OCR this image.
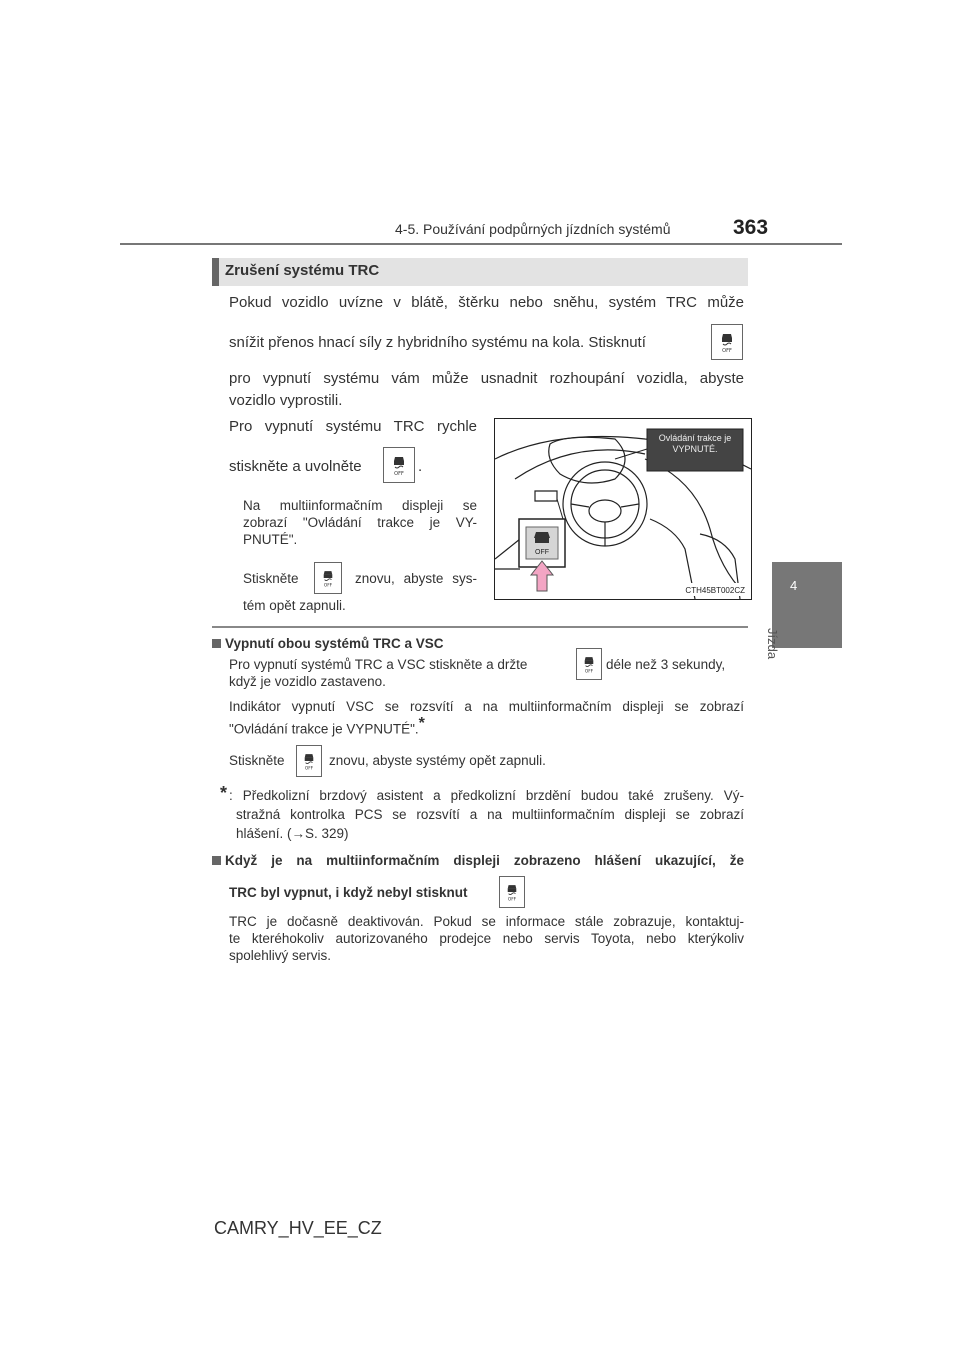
4-5. Používání podpůrných jízdních systémů	363
4
Jízda
Zrušení systému TRC
Pokud vozidlo uvízne v blátě, štěrku nebo sněhu, systém TRC může
snížit přenos hnací síly z hybridního systému na kola. Stisknutí	OFF
pro vypnutí systému vám může usnadnit rozhoupání vozidla, abyste
vozidlo vyprostili.
Pro vypnutí systému TRC rychle
stiskněte a uvolněte	OFF .
Na multiinformačním displeji se
zobrazí "Ovládání trakce je VY-
PNUTÉ".
Stiskněte
OFF
znovu, abyste sys-
tém opět zapnuli.
OFF
Ovládání trakce je VYPNUTÉ.
CTH45BT002CZ
Vypnutí obou systémů TRC a VSC
Pro vypnutí systémů TRC a VSC stiskněte a držte
OFF
déle než 3 sekundy,
když je vozidlo zastaveno.
Indikátor vypnutí VSC se rozsvítí a na multiinformačním displeji se zobrazí
"Ovládání trakce je VYPNUTÉ".*
Stiskněte
OFF
znovu, abyste systémy opět zapnuli.
* : Předkolizní brzdový asistent a předkolizní brzdění budou také zrušeny. Vý-
stražná kontrolka PCS se rozsvítí a na multiinformačním displeji se zobrazí
hlášení. (→S. 329)
Když je na multiinformačním displeji zobrazeno hlášení ukazující, že
TRC byl vypnut, i když nebyl stisknut
OFF
TRC je dočasně deaktivován. Pokud se informace stále zobrazuje, kontaktuj-
te kteréhokoliv autorizovaného prodejce nebo servis Toyota, nebo kterýkoliv
spolehlivý servis.
CAMRY_HV_EE_CZ
